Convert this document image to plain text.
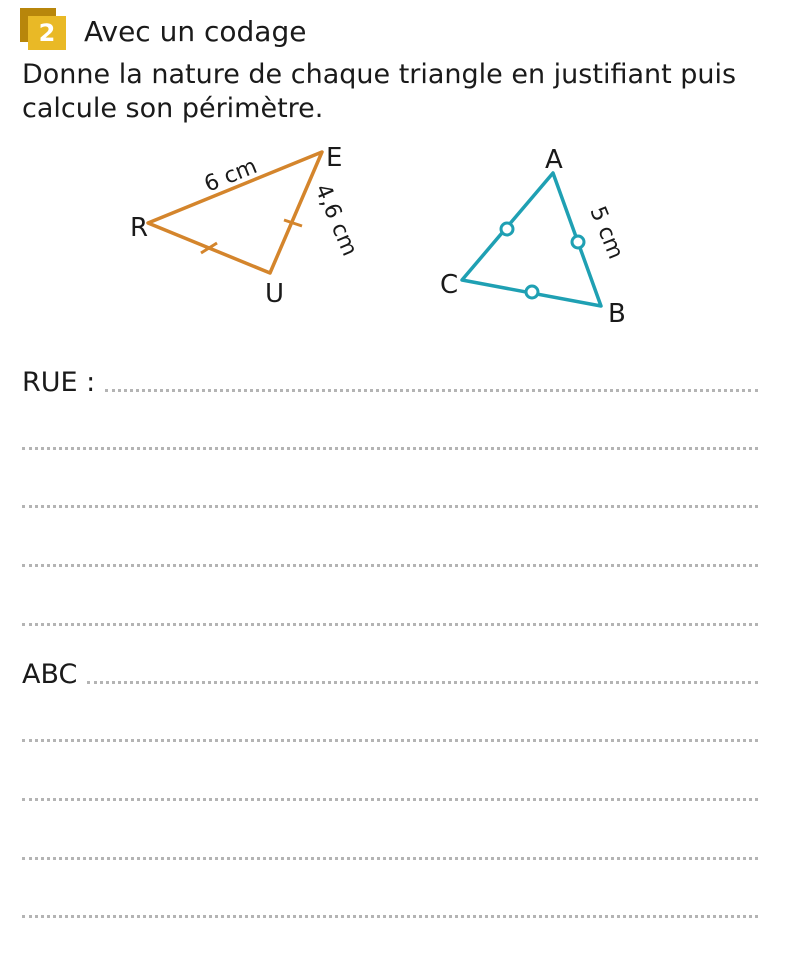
2	Avec un codage
Donne la nature de chaque triangle en justifiant puis calcule son périmètre.
R
U
E
6 cm
4,6 cm
A
B
C
5 cm
RUE :
ABC
